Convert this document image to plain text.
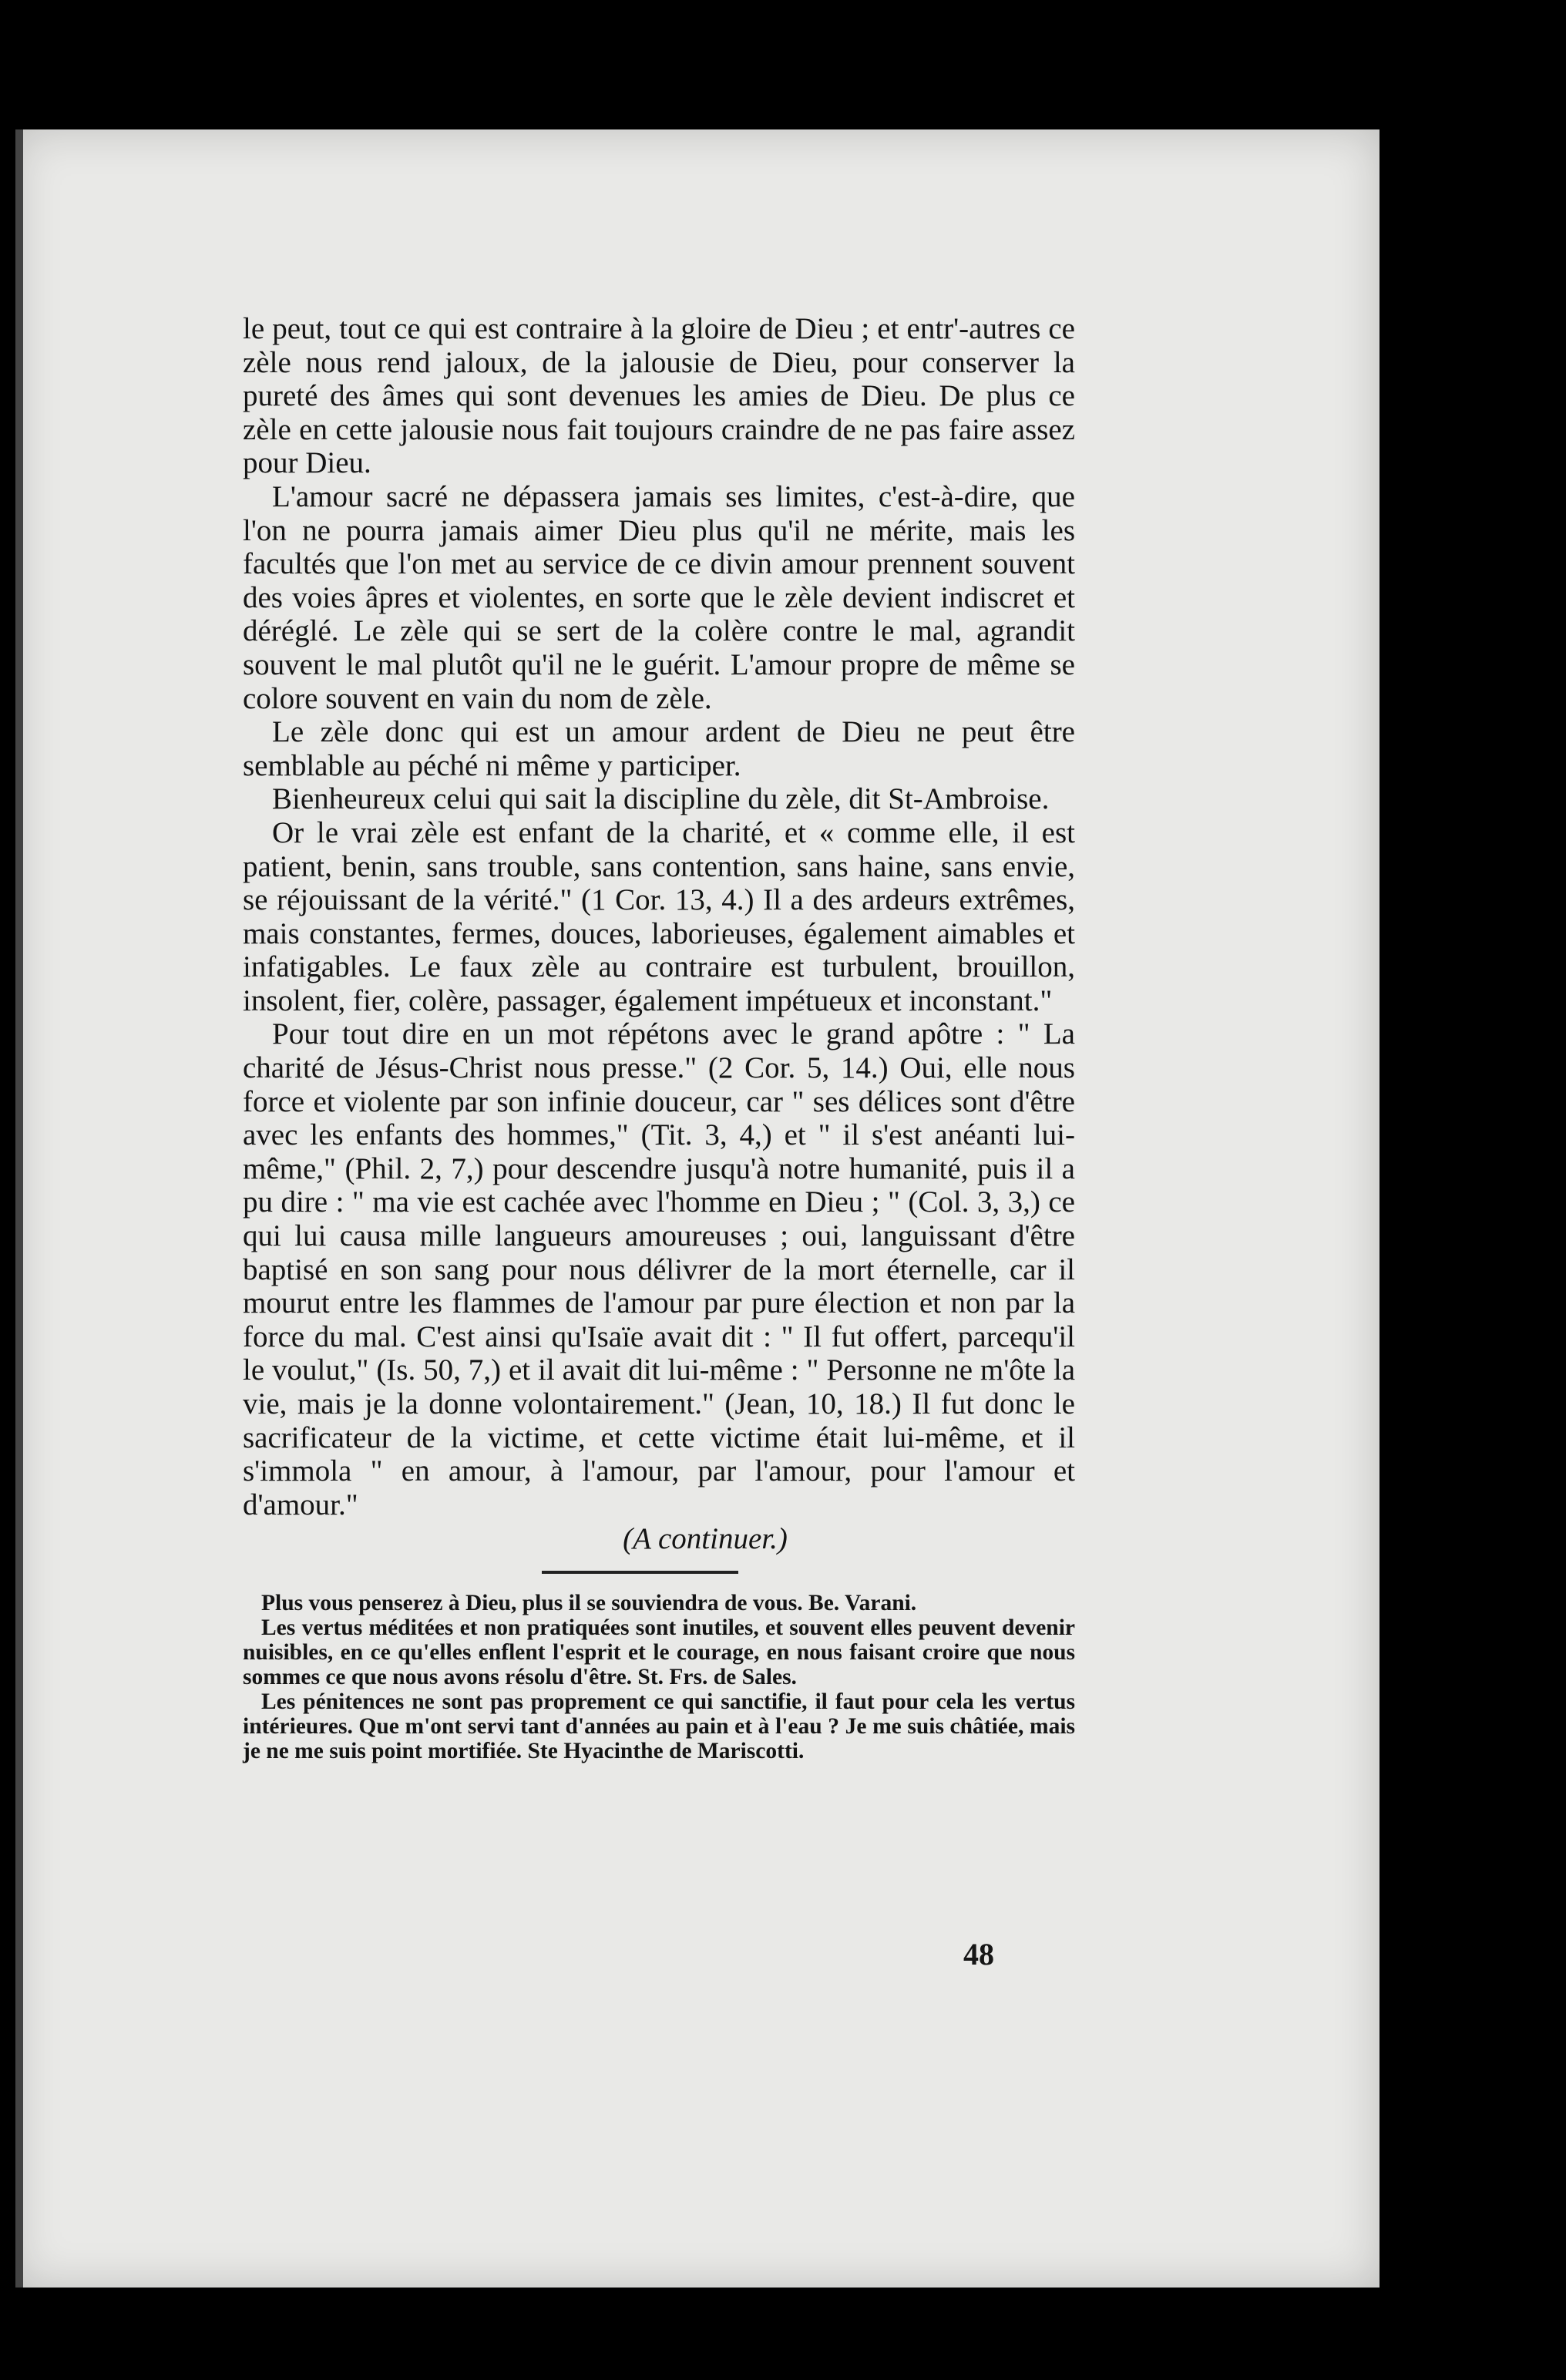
le peut, tout ce qui est contraire à la gloire de Dieu ; et entr'-autres ce zèle nous rend jaloux, de la jalousie de Dieu, pour conserver la pureté des âmes qui sont devenues les amies de Dieu. De plus ce zèle en cette jalousie nous fait toujours craindre de ne pas faire assez pour Dieu.

L'amour sacré ne dépassera jamais ses limites, c'est-à-dire, que l'on ne pourra jamais aimer Dieu plus qu'il ne mérite, mais les facultés que l'on met au service de ce divin amour prennent souvent des voies âpres et violentes, en sorte que le zèle devient indiscret et déréglé. Le zèle qui se sert de la colère contre le mal, agrandit souvent le mal plutôt qu'il ne le guérit. L'amour propre de même se colore souvent en vain du nom de zèle.

Le zèle donc qui est un amour ardent de Dieu ne peut être semblable au péché ni même y participer.

Bienheureux celui qui sait la discipline du zèle, dit St-Ambroise.

Or le vrai zèle est enfant de la charité, et « comme elle, il est patient, benin, sans trouble, sans contention, sans haine, sans envie, se réjouissant de la vérité." (1 Cor. 13, 4.) Il a des ardeurs extrêmes, mais constantes, fermes, douces, laborieuses, également aimables et infatigables. Le faux zèle au contraire est turbulent, brouillon, insolent, fier, colère, passager, également impétueux et inconstant."

Pour tout dire en un mot répétons avec le grand apôtre : " La charité de Jésus-Christ nous presse." (2 Cor. 5, 14.) Oui, elle nous force et violente par son infinie douceur, car " ses délices sont d'être avec les enfants des hommes," (Tit. 3, 4,) et " il s'est anéanti lui-même," (Phil. 2, 7,) pour descendre jusqu'à notre humanité, puis il a pu dire : " ma vie est cachée avec l'homme en Dieu ; " (Col. 3, 3,) ce qui lui causa mille langueurs amoureuses ; oui, languissant d'être baptisé en son sang pour nous délivrer de la mort éternelle, car il mourut entre les flammes de l'amour par pure élection et non par la force du mal. C'est ainsi qu'Isaïe avait dit : " Il fut offert, parcequ'il le voulut," (Is. 50, 7,) et il avait dit lui-même : " Personne ne m'ôte la vie, mais je la donne volontairement." (Jean, 10, 18.) Il fut donc le sacrificateur de la victime, et cette victime était lui-même, et il s'immola " en amour, à l'amour, par l'amour, pour l'amour et d'amour."

(A continuer.)

Plus vous penserez à Dieu, plus il se souviendra de vous. Be. Varani.

Les vertus méditées et non pratiquées sont inutiles, et souvent elles peuvent devenir nuisibles, en ce qu'elles enflent l'esprit et le courage, en nous faisant croire que nous sommes ce que nous avons résolu d'être. St. Frs. de Sales.

Les pénitences ne sont pas proprement ce qui sanctifie, il faut pour cela les vertus intérieures. Que m'ont servi tant d'années au pain et à l'eau ? Je me suis châtiée, mais je ne me suis point mortifiée. Ste Hyacinthe de Mariscotti.

48
